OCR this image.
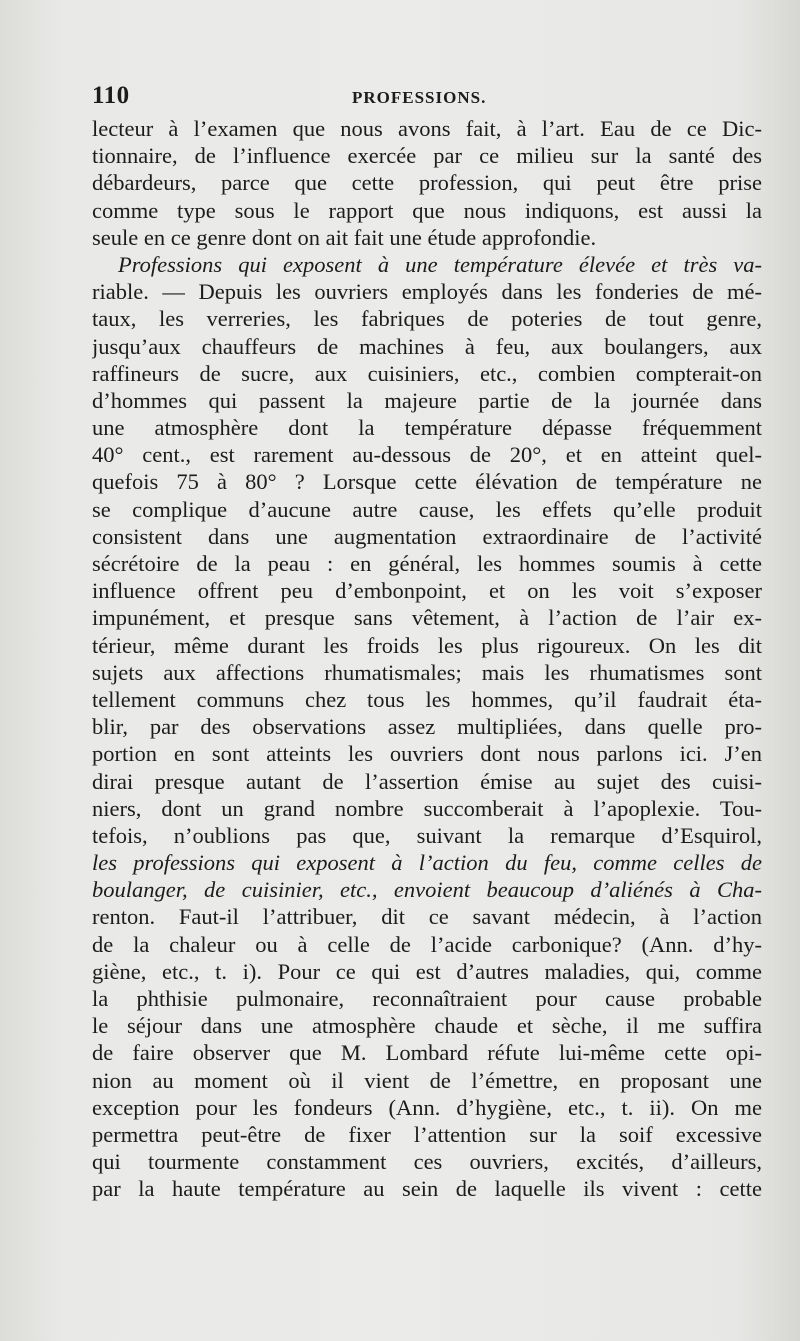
110	PROFESSIONS.
lecteur à l’examen que nous avons fait, à l’art. Eau de ce Dic-
tionnaire, de l’influence exercée par ce milieu sur la santé des
débardeurs, parce que cette profession, qui peut être prise
comme type sous le rapport que nous indiquons, est aussi la
seule en ce genre dont on ait fait une étude approfondie.
Professions qui exposent à une température élevée et très va-
riable. — Depuis les ouvriers employés dans les fonderies de mé-
taux, les verreries, les fabriques de poteries de tout genre,
jusqu’aux chauffeurs de machines à feu, aux boulangers, aux
raffineurs de sucre, aux cuisiniers, etc., combien compterait-on
d’hommes qui passent la majeure partie de la journée dans
une atmosphère dont la température dépasse fréquemment
40° cent., est rarement au-dessous de 20°, et en atteint quel-
quefois 75 à 80° ? Lorsque cette élévation de température ne
se complique d’aucune autre cause, les effets qu’elle produit
consistent dans une augmentation extraordinaire de l’activité
sécrétoire de la peau : en général, les hommes soumis à cette
influence offrent peu d’embonpoint, et on les voit s’exposer
impunément, et presque sans vêtement, à l’action de l’air ex-
térieur, même durant les froids les plus rigoureux. On les dit
sujets aux affections rhumatismales; mais les rhumatismes sont
tellement communs chez tous les hommes, qu’il faudrait éta-
blir, par des observations assez multipliées, dans quelle pro-
portion en sont atteints les ouvriers dont nous parlons ici. J’en
dirai presque autant de l’assertion émise au sujet des cuisi-
niers, dont un grand nombre succomberait à l’apoplexie. Tou-
tefois, n’oublions pas que, suivant la remarque d’Esquirol,
les professions qui exposent à l’action du feu, comme celles de
boulanger, de cuisinier, etc., envoient beaucoup d’aliénés à Cha-
renton. Faut-il l’attribuer, dit ce savant médecin, à l’action
de la chaleur ou à celle de l’acide carbonique? (Ann. d’hy-
giène, etc., t. i). Pour ce qui est d’autres maladies, qui, comme
la phthisie pulmonaire, reconnaîtraient pour cause probable
le séjour dans une atmosphère chaude et sèche, il me suffira
de faire observer que M. Lombard réfute lui-même cette opi-
nion au moment où il vient de l’émettre, en proposant une
exception pour les fondeurs (Ann. d’hygiène, etc., t. ii). On me
permettra peut-être de fixer l’attention sur la soif excessive
qui tourmente constamment ces ouvriers, excités, d’ailleurs,
par la haute température au sein de laquelle ils vivent : cette
